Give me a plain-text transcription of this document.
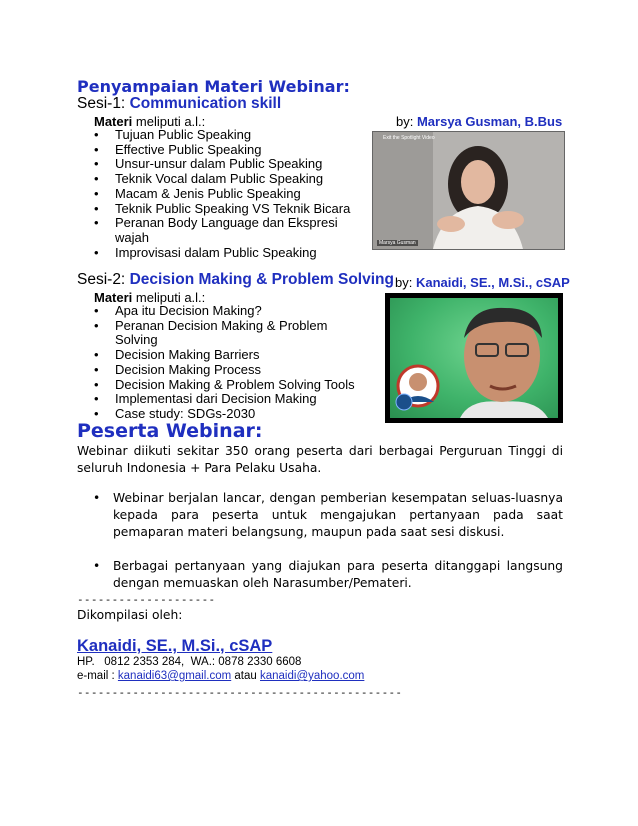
Penyampaian Materi Webinar:
Sesi-1: Communication skill
Materi meliputi a.l.:	by: Marsya Gusman, B.Bus
• Tujuan Public Speaking
• Effective Public Speaking
• Unsur-unsur dalam Public Speaking
• Teknik Vocal dalam Public Speaking
• Macam & Jenis Public Speaking
• Teknik Public Speaking VS Teknik Bicara
• Peranan Body Language dan Ekspresi wajah
• Improvisasi dalam Public Speaking
Exit the Spotlight Video
Marsya Gusman
Sesi-2: Decision Making & Problem Solving by: Kanaidi, SE., M.Si., cSAP
Materi meliputi a.l.:
• Apa itu Decision Making?
• Peranan Decision Making & Problem Solving
• Decision Making Barriers
• Decision Making Process
• Decision Making & Problem Solving Tools
• Implementasi dari Decision Making
• Case study: SDGs-2030
Peserta Webinar:
Webinar diikuti sekitar 350 orang peserta dari berbagai Perguruan Tinggi di seluruh Indonesia + Para Pelaku Usaha.
• Webinar berjalan lancar, dengan pemberian kesempatan seluas-luasnya kepada para peserta untuk mengajukan pertanyaan pada saat pemaparan materi belangsung, maupun pada saat sesi diskusi.
• Berbagai pertanyaan yang diajukan para peserta ditanggapi langsung dengan memuaskan oleh Narasumber/Pemateri.
--------------------
Dikompilasi oleh:
Kanaidi, SE., M.Si., cSAP
HP.   0812 2353 284,  WA.: 0878 2330 6608
e-mail : kanaidi63@gmail.com atau kanaidi@yahoo.com
-----------------------------------------------
